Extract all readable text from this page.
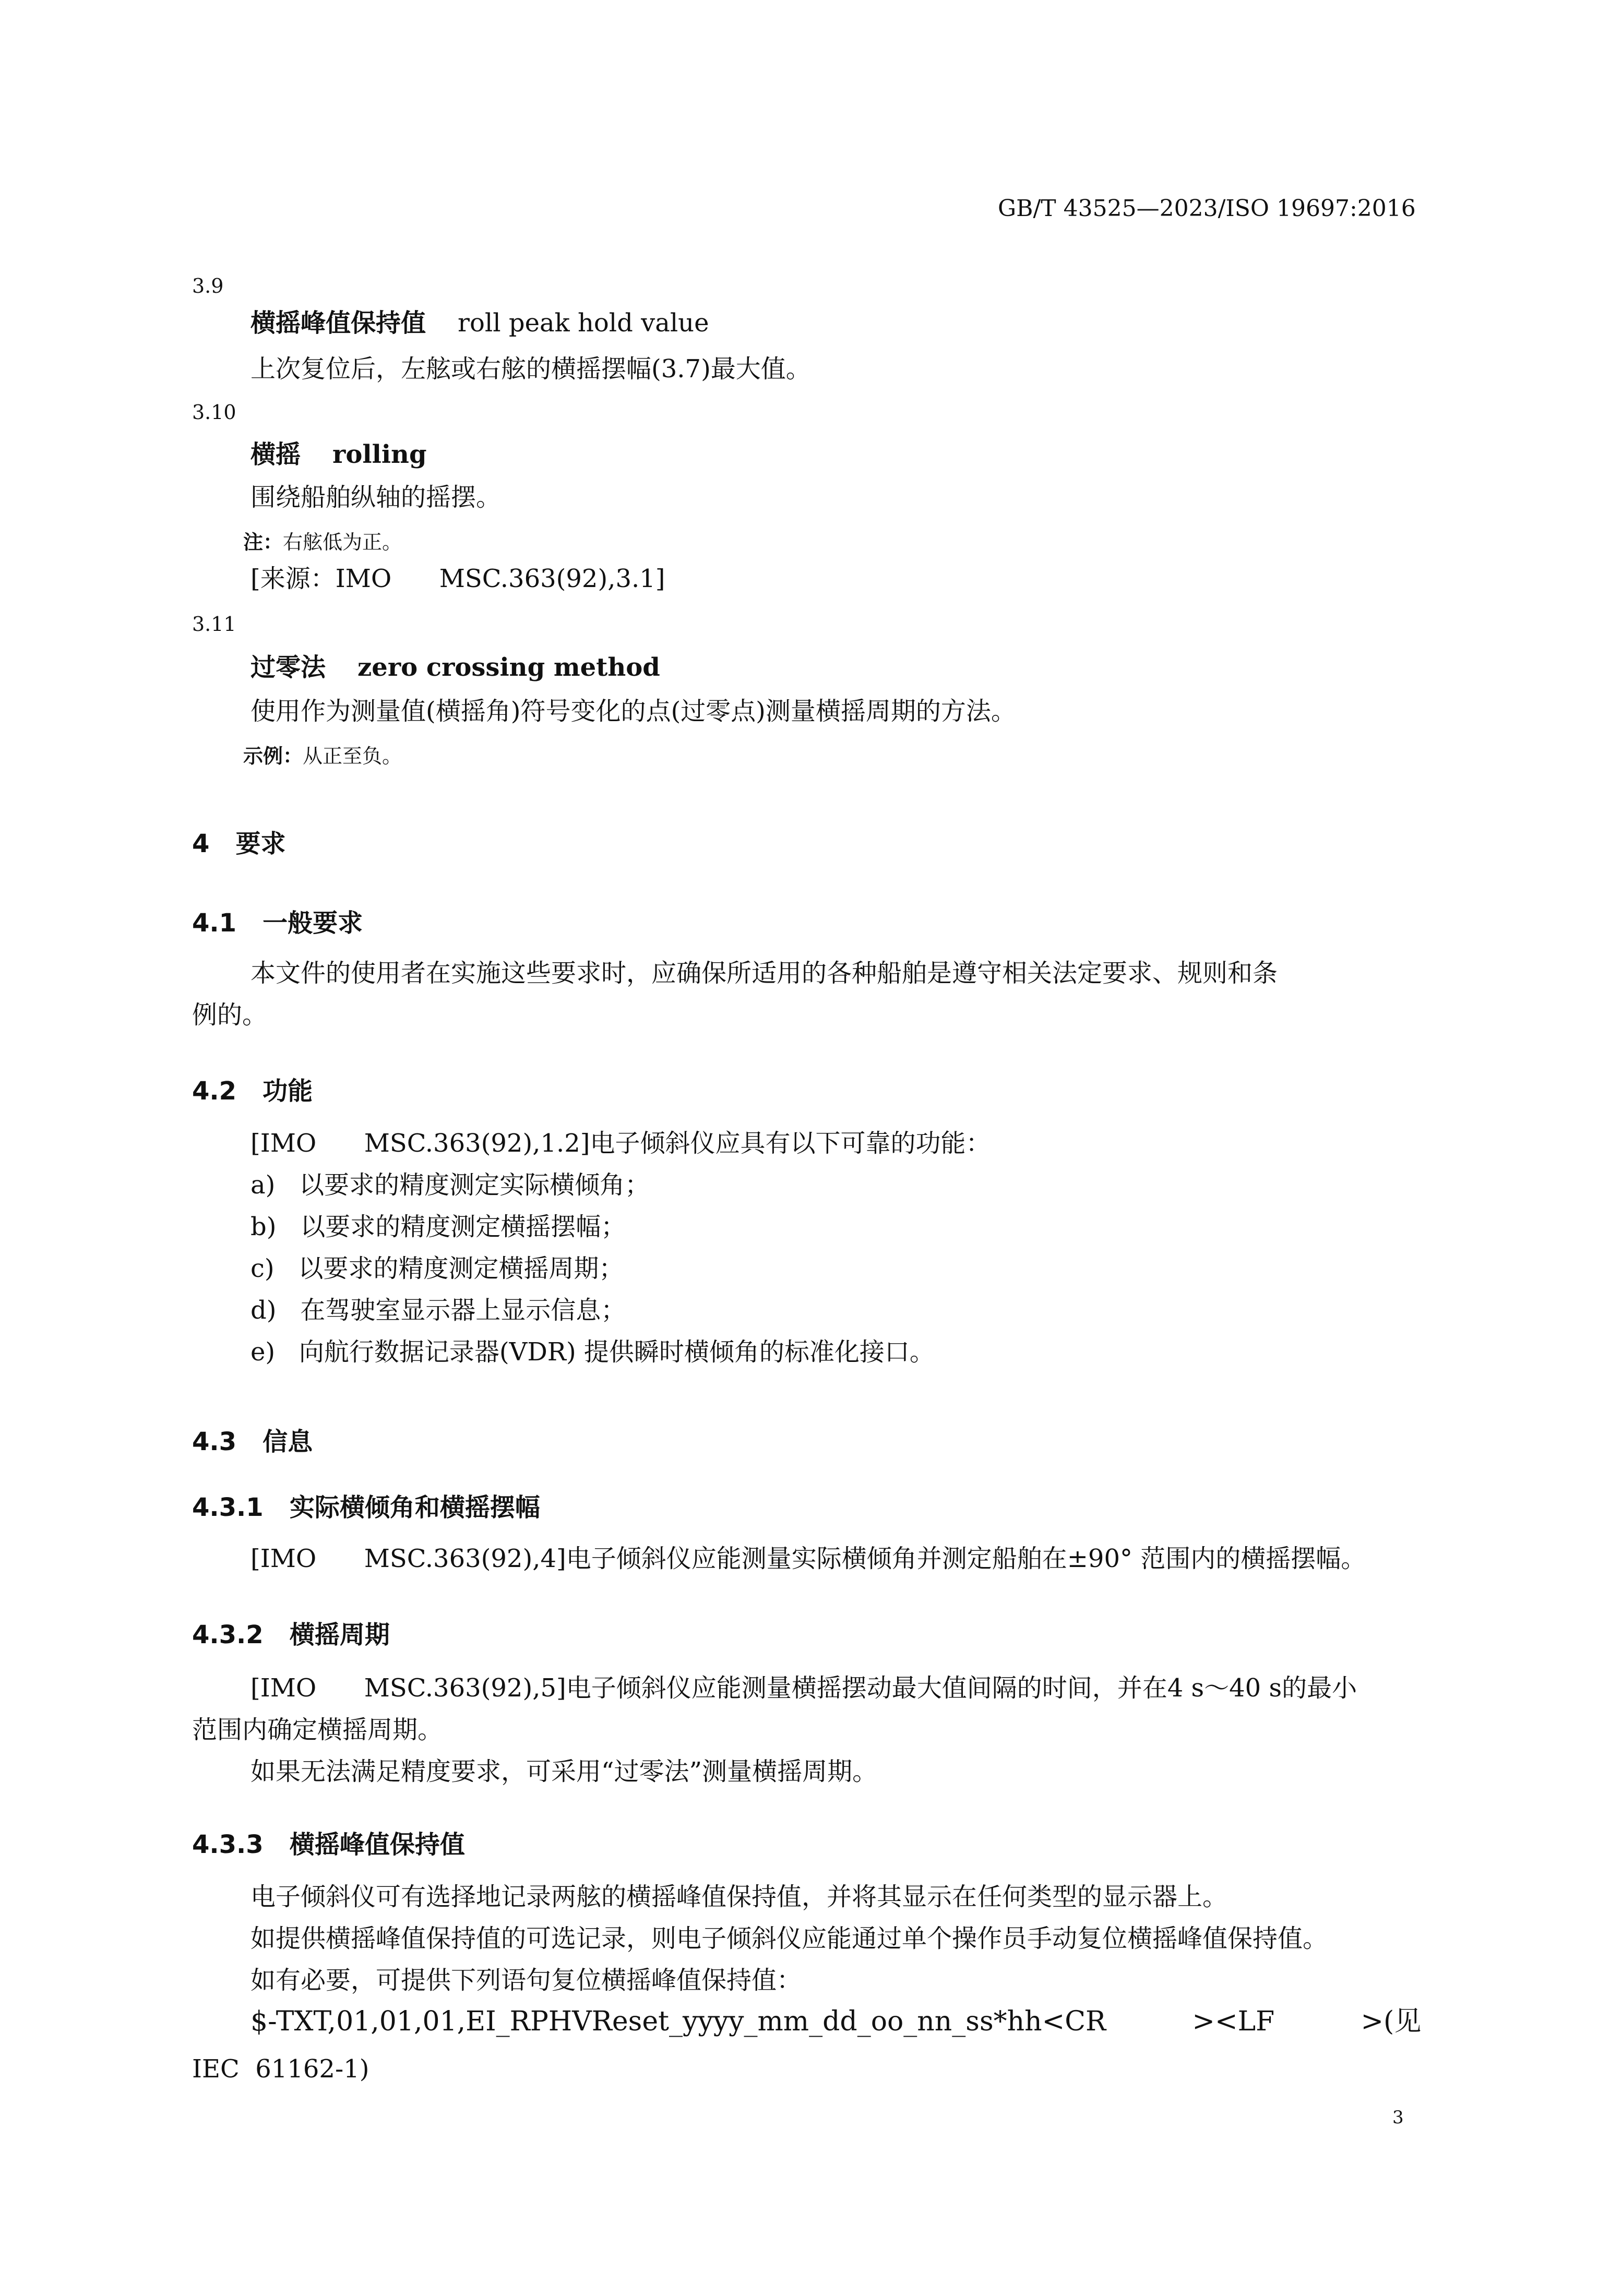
GB/T 43525—2023/ISO 19697:2016
3.9
横摇峰值保持值 roll peak hold value
上次复位后，左舷或右舷的横摇摆幅(3.7)最大值。
3.10
横摇 rolling
围绕船舶纵轴的摇摆。
注：右舷低为正。
[来源：IMO      MSC.363(92),3.1]
3.11
过零法 zero crossing method
使用作为测量值(横摇角)符号变化的点(过零点)测量横摇周期的方法。
示例：从正至负。
4 要求
4.1 一般要求
本文件的使用者在实施这些要求时，应确保所适用的各种船舶是遵守相关法定要求、规则和条
例的。
4.2 功能
[IMO      MSC.363(92),1.2]电子倾斜仪应具有以下可靠的功能：
a) 以要求的精度测定实际横倾角；
b) 以要求的精度测定横摇摆幅；
c) 以要求的精度测定横摇周期；
d) 在驾驶室显示器上显示信息；
e) 向航行数据记录器(VDR) 提供瞬时横倾角的标准化接口。
4.3 信息
4.3.1 实际横倾角和横摇摆幅
[IMO      MSC.363(92),4]电子倾斜仪应能测量实际横倾角并测定船舶在±90° 范围内的横摇摆幅。
4.3.2 横摇周期
[IMO      MSC.363(92),5]电子倾斜仪应能测量横摇摆动最大值间隔的时间，并在4 s～40 s的最小
范围内确定横摇周期。
如果无法满足精度要求，可采用“过零法”测量横摇周期。
4.3.3 横摇峰值保持值
电子倾斜仪可有选择地记录两舷的横摇峰值保持值，并将其显示在任何类型的显示器上。
如提供横摇峰值保持值的可选记录，则电子倾斜仪应能通过单个操作员手动复位横摇峰值保持值。
如有必要，可提供下列语句复位横摇峰值保持值：
$-TXT,01,01,01,EI_RPHVReset_yyyy_mm_dd_oo_nn_ss*hh<CR          ><LF          >(见
IEC  61162-1)
3
